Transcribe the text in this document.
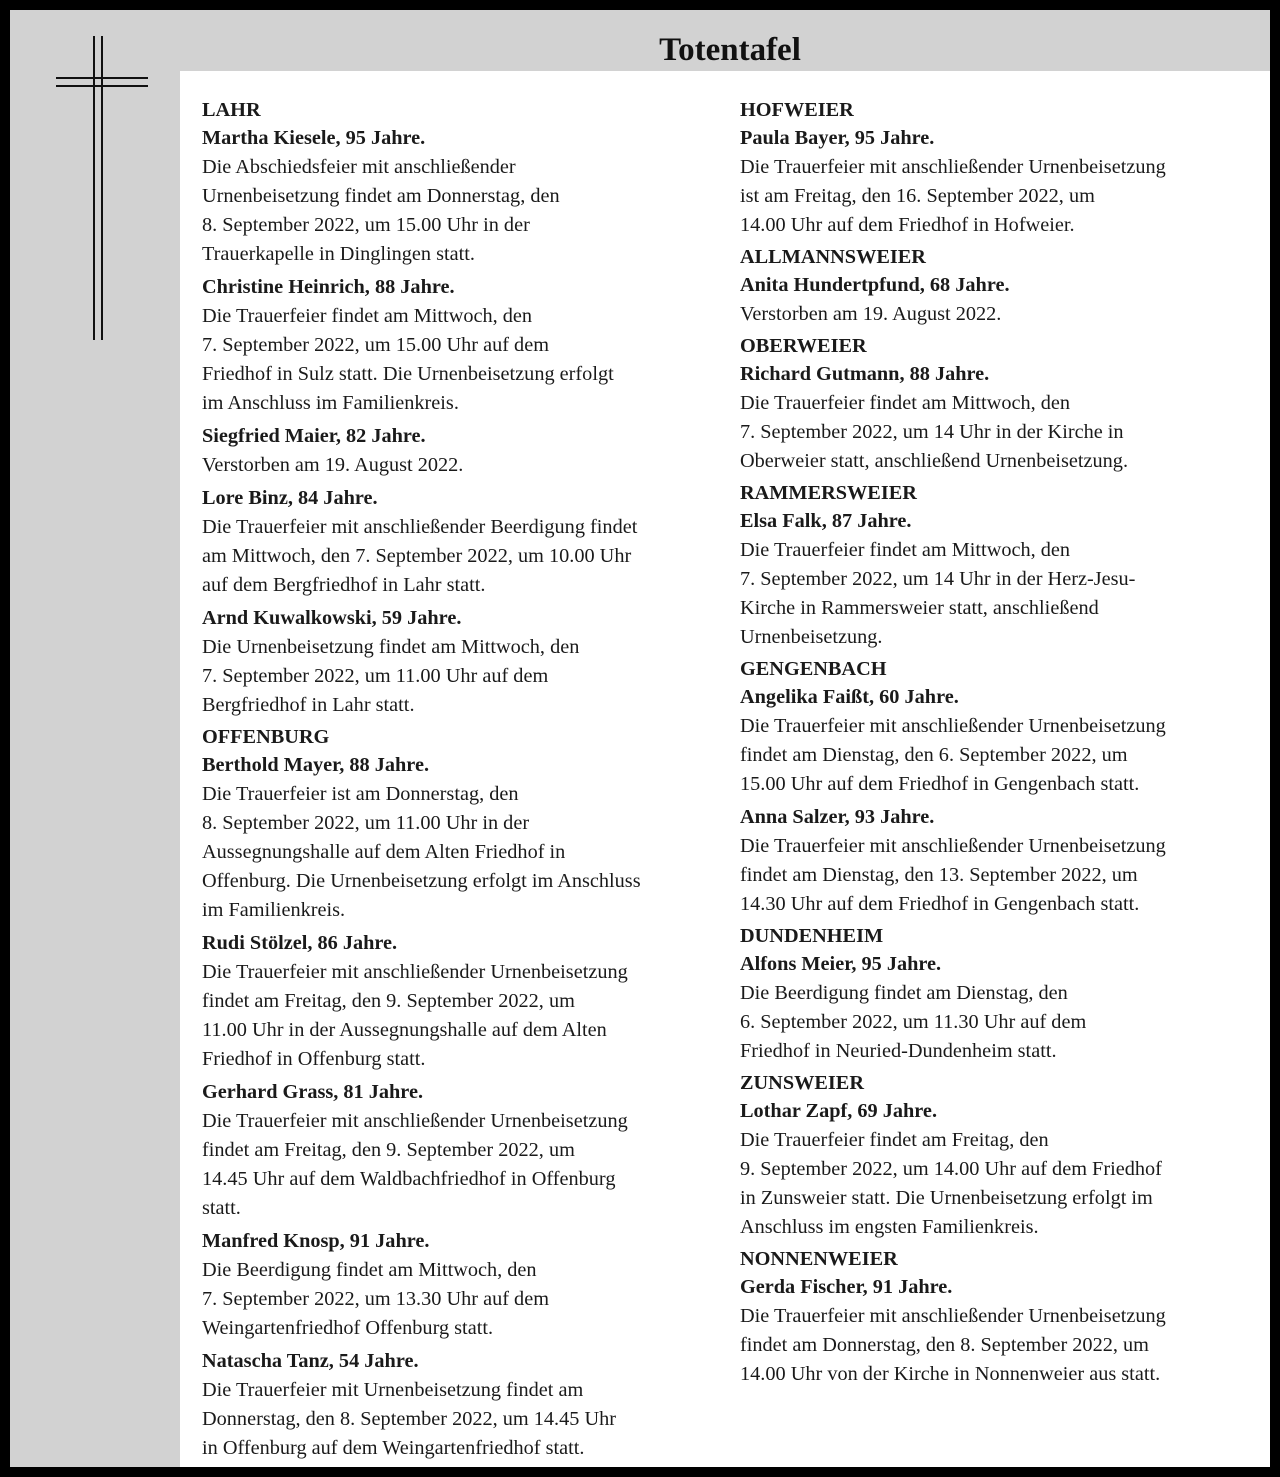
Totentafel
LAHR
Martha Kiesele, 95 Jahre.
Die Abschiedsfeier mit anschließender
Urnenbeisetzung findet am Donnerstag, den
8. September 2022, um 15.00 Uhr in der
Trauerkapelle in Dinglingen statt.
Christine Heinrich, 88 Jahre.
Die Trauerfeier findet am Mittwoch, den
7. September 2022, um 15.00 Uhr auf dem
Friedhof in Sulz statt. Die Urnenbeisetzung erfolgt
im Anschluss im Familienkreis.
Siegfried Maier, 82 Jahre.
Verstorben am 19. August 2022.
Lore Binz, 84 Jahre.
Die Trauerfeier mit anschließender Beerdigung findet
am Mittwoch, den 7. September 2022, um 10.00 Uhr
auf dem Bergfriedhof in Lahr statt.
Arnd Kuwalkowski, 59 Jahre.
Die Urnenbeisetzung findet am Mittwoch, den
7. September 2022, um 11.00 Uhr auf dem
Bergfriedhof in Lahr statt.
OFFENBURG
Berthold Mayer, 88 Jahre.
Die Trauerfeier ist am Donnerstag, den
8. September 2022, um 11.00 Uhr in der
Aussegnungshalle auf dem Alten Friedhof in
Offenburg. Die Urnenbeisetzung erfolgt im Anschluss
im Familienkreis.
Rudi Stölzel, 86 Jahre.
Die Trauerfeier mit anschließender Urnenbeisetzung
findet am Freitag, den 9. September 2022, um
11.00 Uhr in der Aussegnungshalle auf dem Alten
Friedhof in Offenburg statt.
Gerhard Grass, 81 Jahre.
Die Trauerfeier mit anschließender Urnenbeisetzung
findet am Freitag, den 9. September 2022, um
14.45 Uhr auf dem Waldbachfriedhof in Offenburg
statt.
Manfred Knosp, 91 Jahre.
Die Beerdigung findet am Mittwoch, den
7. September 2022, um 13.30 Uhr auf dem
Weingartenfriedhof Offenburg statt.
Natascha Tanz, 54 Jahre.
Die Trauerfeier mit Urnenbeisetzung findet am
Donnerstag, den 8. September 2022, um 14.45 Uhr
in Offenburg auf dem Weingartenfriedhof statt.
HOFWEIER
Paula Bayer, 95 Jahre.
Die Trauerfeier mit anschließender Urnenbeisetzung
ist am Freitag, den 16. September 2022, um
14.00 Uhr auf dem Friedhof in Hofweier.
ALLMANNSWEIER
Anita Hundertpfund, 68 Jahre.
Verstorben am 19. August 2022.
OBERWEIER
Richard Gutmann, 88 Jahre.
Die Trauerfeier findet am Mittwoch, den
7. September 2022, um 14 Uhr in der Kirche in
Oberweier statt, anschließend Urnenbeisetzung.
RAMMERSWEIER
Elsa Falk, 87 Jahre.
Die Trauerfeier findet am Mittwoch, den
7. September 2022, um 14 Uhr in der Herz-Jesu-
Kirche in Rammersweier statt, anschließend
Urnenbeisetzung.
GENGENBACH
Angelika Faißt, 60 Jahre.
Die Trauerfeier mit anschließender Urnenbeisetzung
findet am Dienstag, den 6. September 2022, um
15.00 Uhr auf dem Friedhof in Gengenbach statt.
Anna Salzer, 93 Jahre.
Die Trauerfeier mit anschließender Urnenbeisetzung
findet am Dienstag, den 13. September 2022, um
14.30 Uhr auf dem Friedhof in Gengenbach statt.
DUNDENHEIM
Alfons Meier, 95 Jahre.
Die Beerdigung findet am Dienstag, den
6. September 2022, um 11.30 Uhr auf dem
Friedhof in Neuried-Dundenheim statt.
ZUNSWEIER
Lothar Zapf, 69 Jahre.
Die Trauerfeier findet am Freitag, den
9. September 2022, um 14.00 Uhr auf dem Friedhof
in Zunsweier statt. Die Urnenbeisetzung erfolgt im
Anschluss im engsten Familienkreis.
NONNENWEIER
Gerda Fischer, 91 Jahre.
Die Trauerfeier mit anschließender Urnenbeisetzung
findet am Donnerstag, den 8. September 2022, um
14.00 Uhr von der Kirche in Nonnenweier aus statt.
